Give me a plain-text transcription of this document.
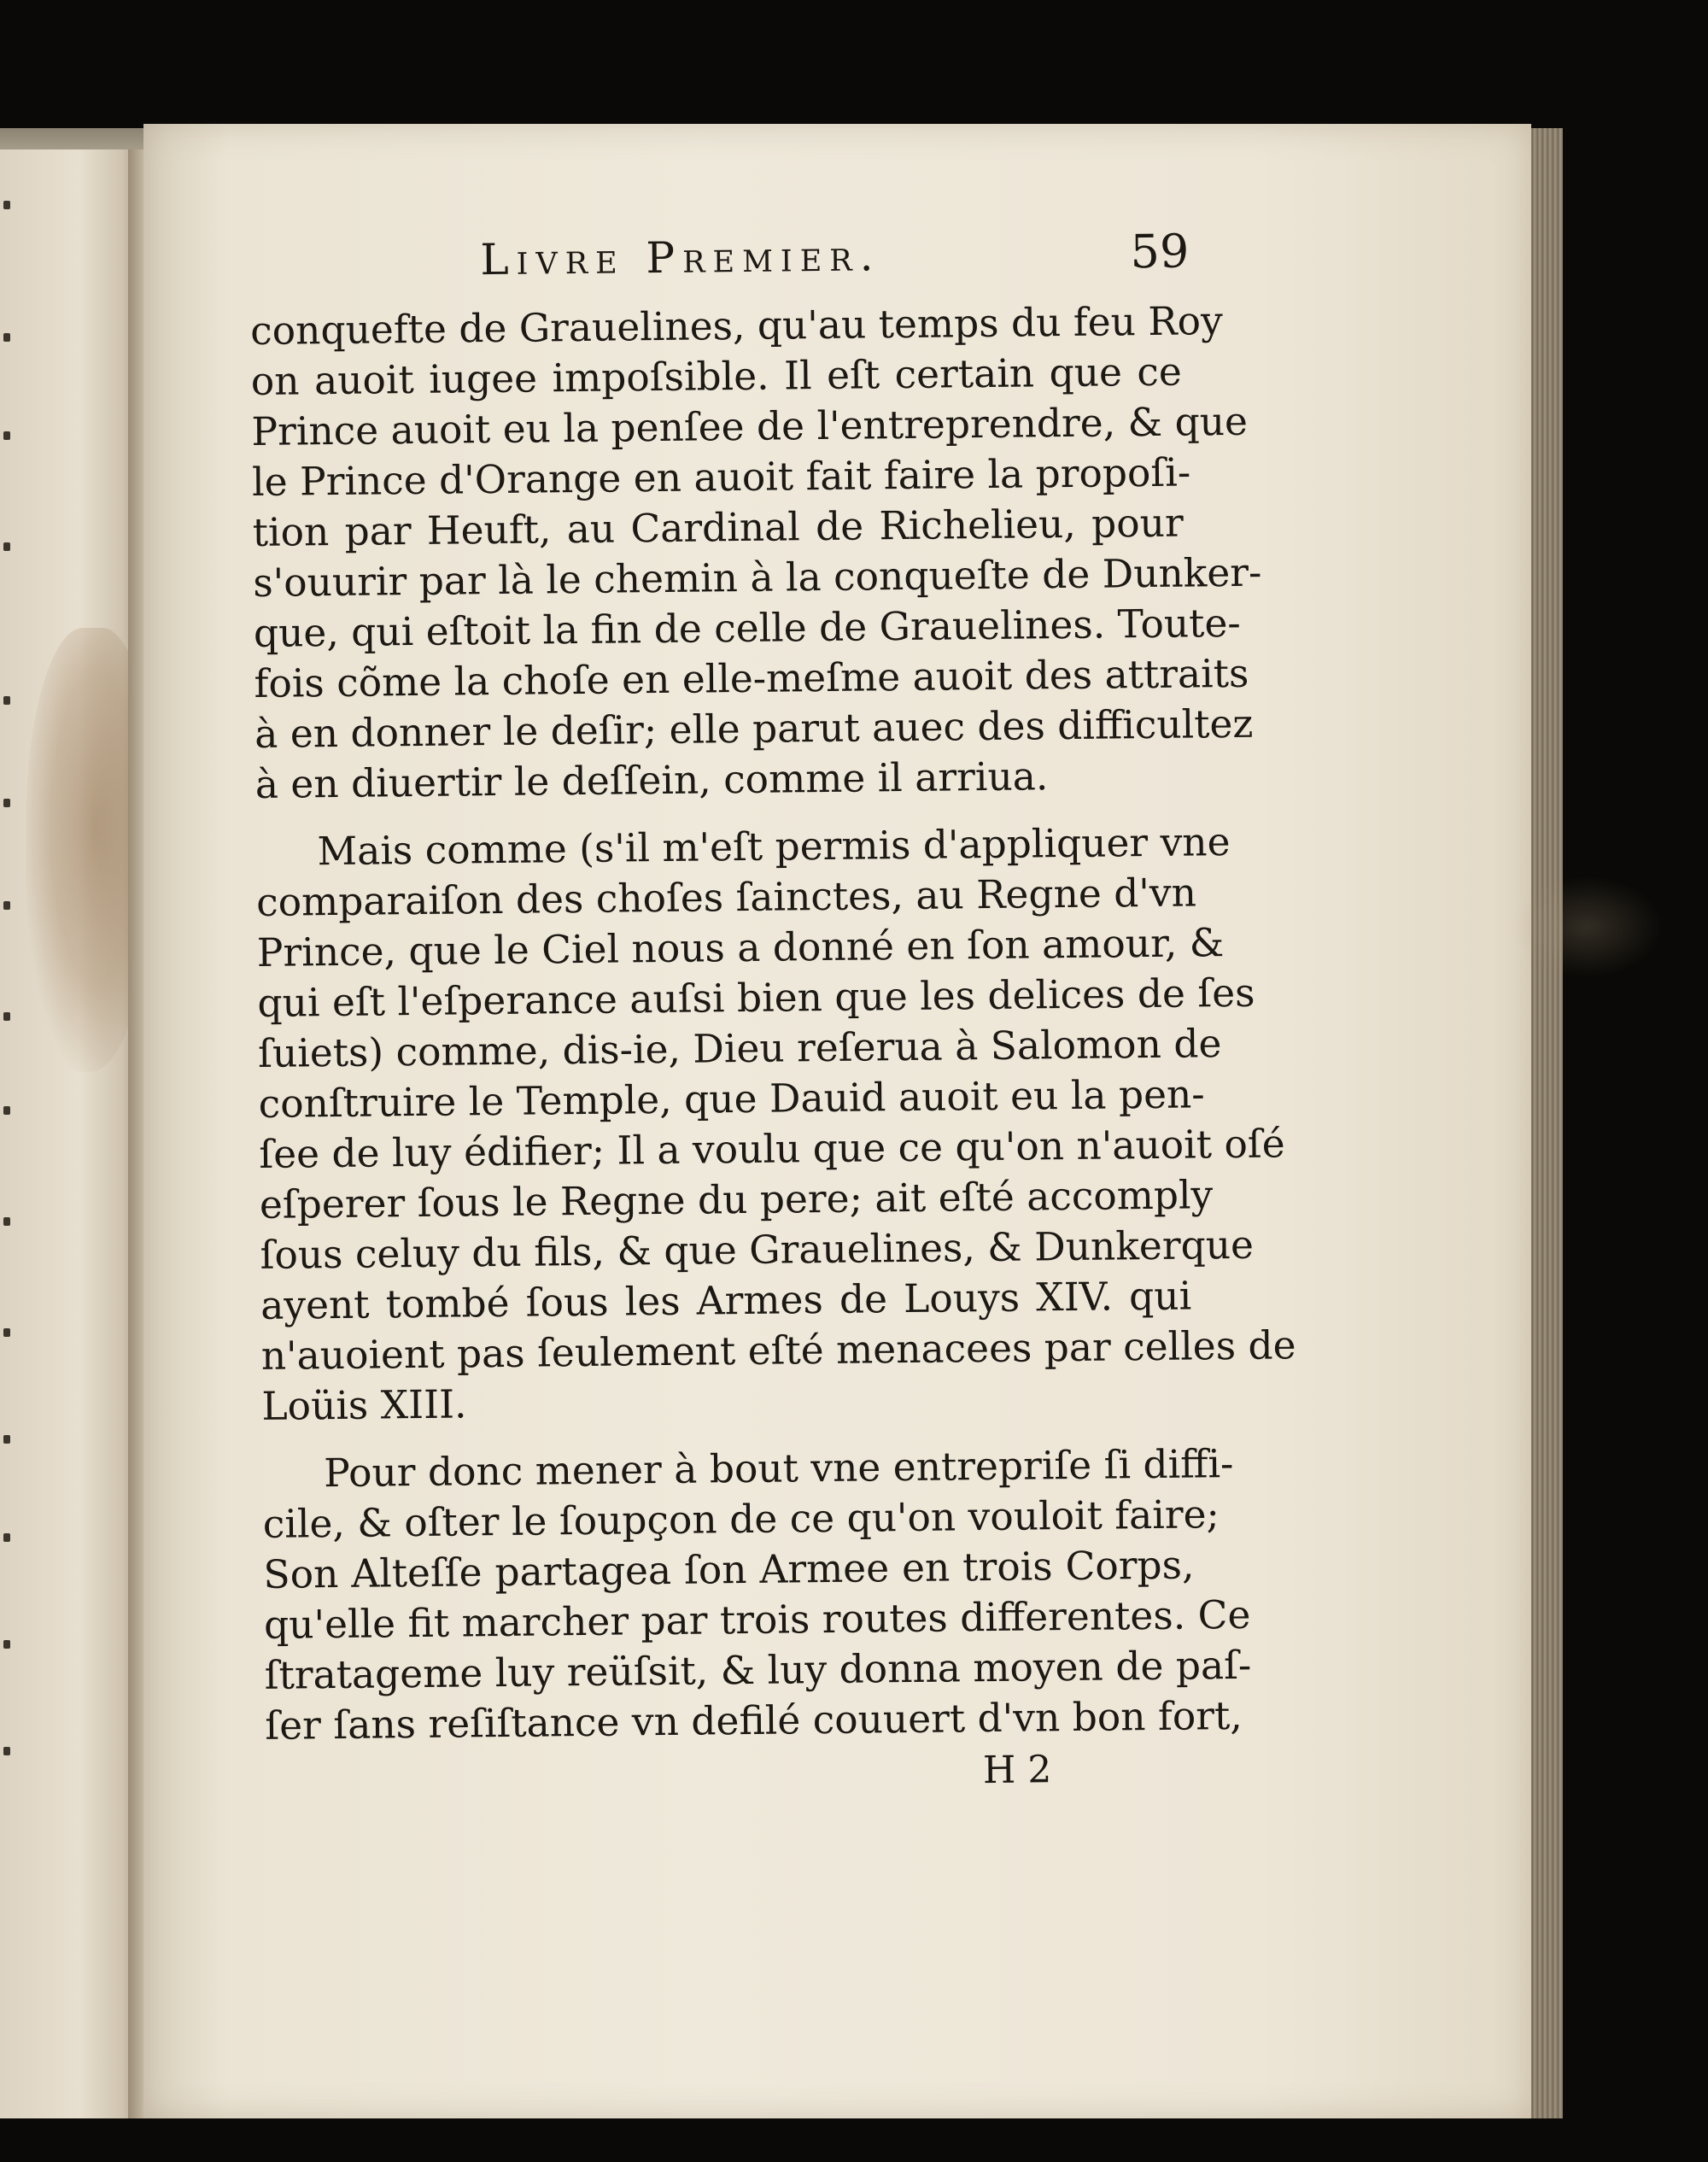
Livre Premier.	59
conquefte de Grauelines, qu'au temps du feu Roy
on auoit iugee impoſsible. Il eſt certain que ce
Prince auoit eu la penſee de l'entreprendre, & que
le Prince d'Orange en auoit fait faire la propoſi-
tion par Heuft, au Cardinal de Richelieu, pour
s'ouurir par là le chemin à la conqueſte de Dunker-
que, qui eſtoit la fin de celle de Grauelines. Toute-
fois cõme la choſe en elle-meſme auoit des attraits
à en donner le deſir; elle parut auec des difficultez
à en diuertir le deſſein, comme il arriua.
Mais comme (s'il m'eſt permis d'appliquer vne
comparaiſon des choſes ſainctes, au Regne d'vn
Prince, que le Ciel nous a donné en ſon amour, &
qui eſt l'eſperance auſsi bien que les delices de ſes
ſuiets) comme, dis-ie, Dieu reſerua à Salomon de
conſtruire le Temple, que Dauid auoit eu la pen-
ſee de luy édifier; Il a voulu que ce qu'on n'auoit oſé
eſperer ſous le Regne du pere; ait eſté accomply
ſous celuy du fils, & que Grauelines, & Dunkerque
ayent tombé ſous les Armes de Louys XIV. qui
n'auoient pas ſeulement eſté menacees par celles de
Loüis XIII.
Pour donc mener à bout vne entrepriſe ſi diffi-
cile, & oſter le ſoupçon de ce qu'on vouloit faire;
Son Alteſſe partagea ſon Armee en trois Corps,
qu'elle fit marcher par trois routes differentes. Ce
ſtratageme luy reüſsit, & luy donna moyen de paſ-
ſer ſans reſiſtance vn defilé couuert d'vn bon fort,
H 2
